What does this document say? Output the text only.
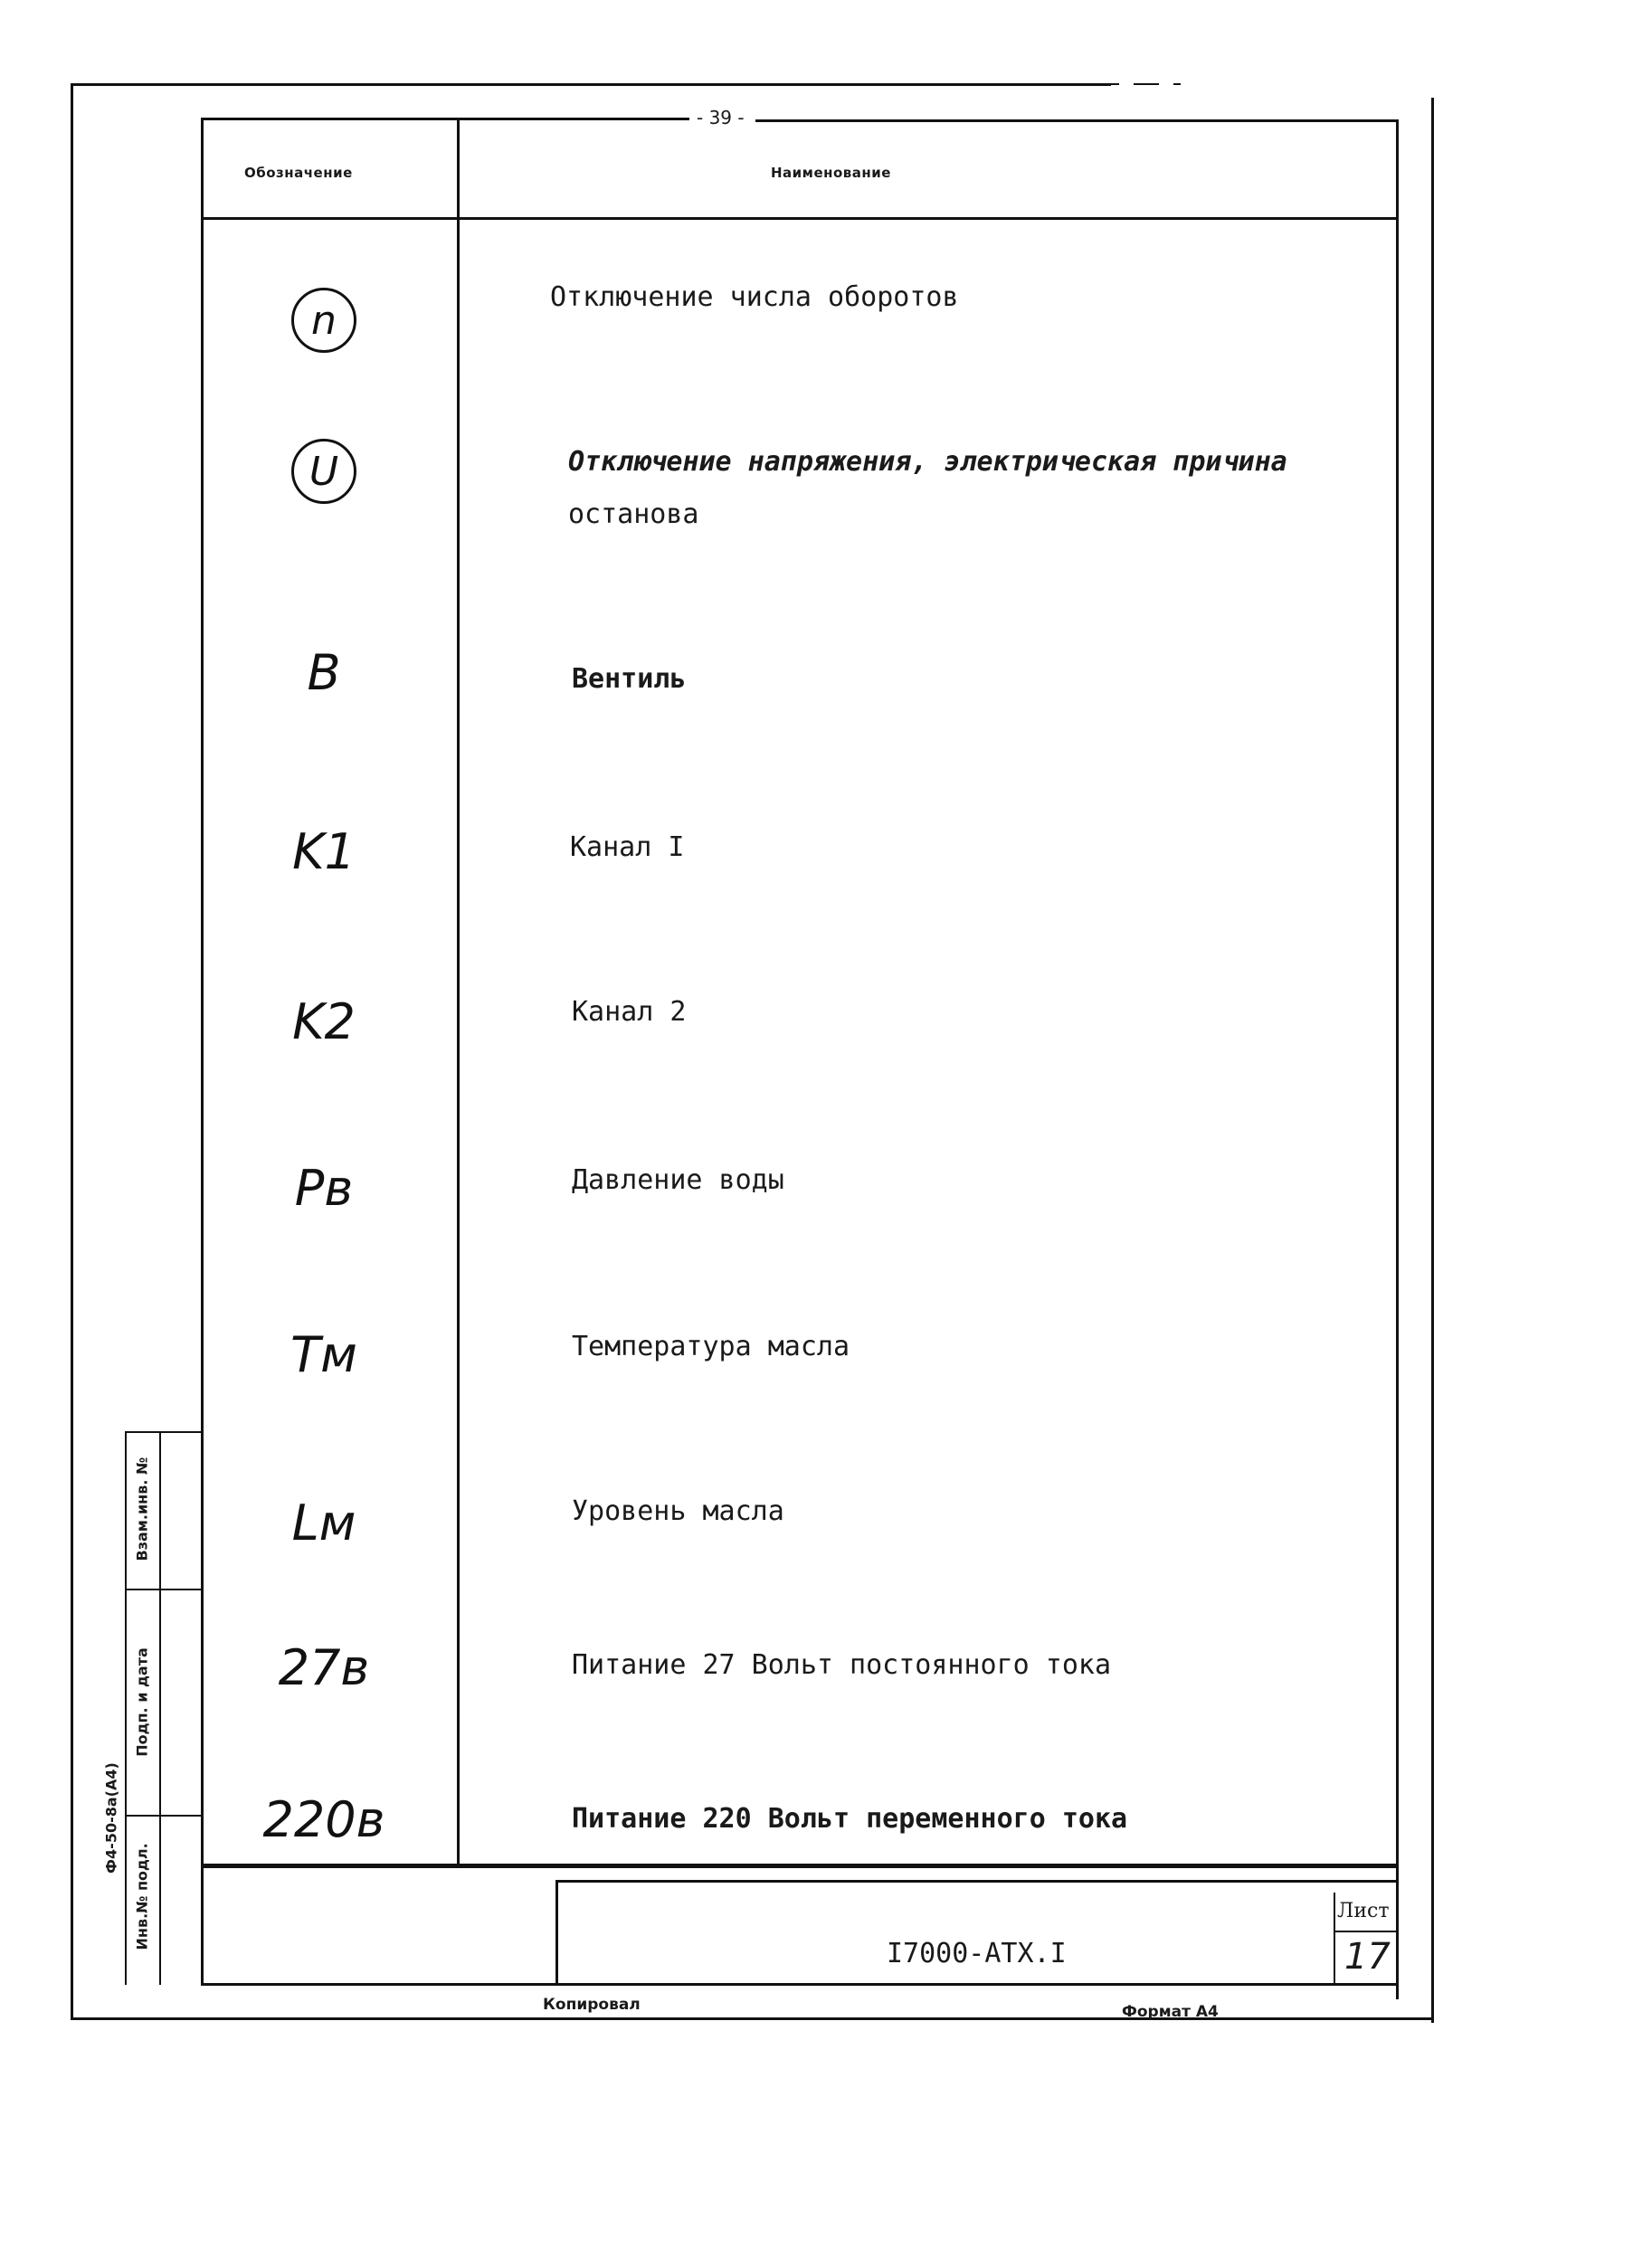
- 39 -
Обозначение	Наименование
n	Отключение числа оборотов
U	Отключение напряжения, электрическая причина
останова
B	Вентиль
K1	Канал I
K2	Канал 2
Pв	Давление воды
Tм	Температура масла
Lм	Уровень масла
27в	Питание 27 Вольт постоянного тока
220в	Питание 220 Вольт переменного тока
Взам.инв. №
Подп. и дата
Инв.№ подл.
Ф4-50-8а(А4)
I7000-АТХ.I
Лист
17
Копировал	Формат А4
